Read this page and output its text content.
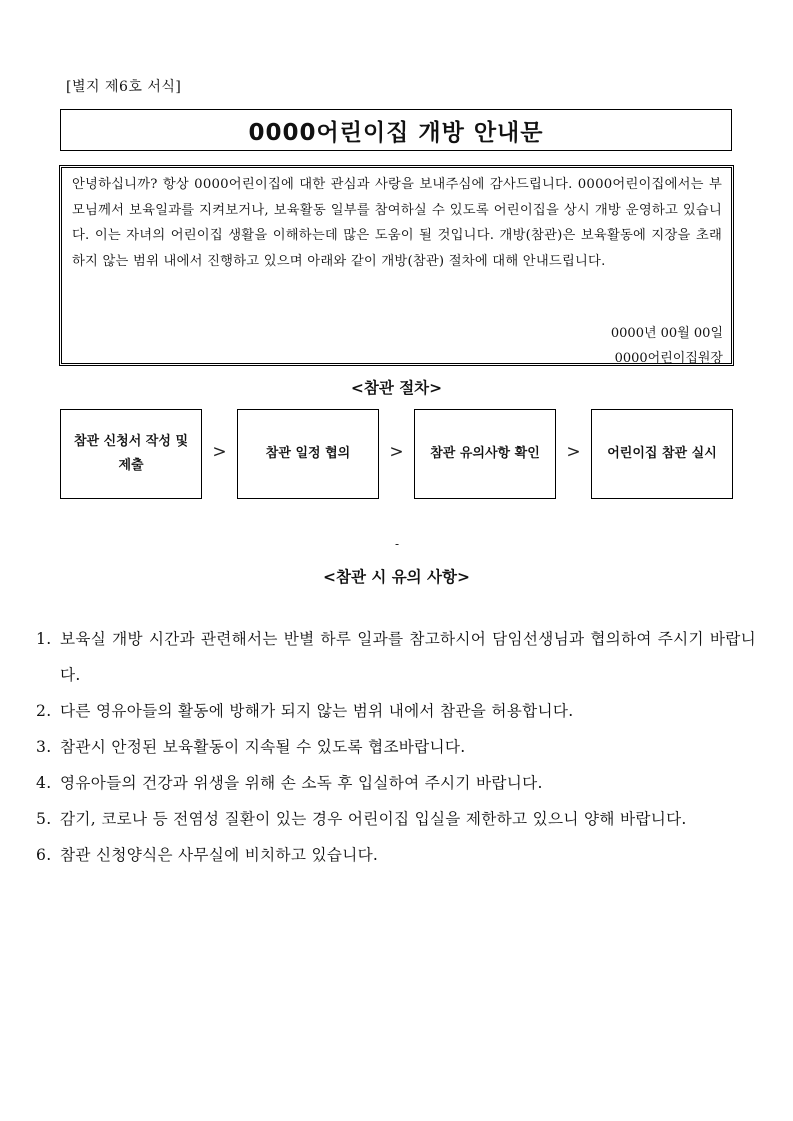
[별지 제6호 서식]
0000어린이집 개방 안내문
안녕하십니까? 항상 0000어린이집에 대한 관심과 사랑을 보내주심에 감사드립니다. 0000어린이집에서는 부모님께서 보육일과를 지켜보거나, 보육활동 일부를 참여하실 수 있도록 어린이집을 상시 개방 운영하고 있습니다. 이는 자녀의 어린이집 생활을 이해하는데 많은 도움이 될 것입니다. 개방(참관)은 보육활동에 지장을 초래하지 않는 범위 내에서 진행하고 있으며 아래와 같이 개방(참관) 절차에 대해 안내드립니다.
0000년 00월 00일
0000어린이집원장
<참관 절차>
참관 신청서 작성 및 제출
>	참관 일정 협의	>	참관 유의사항 확인	>	어린이집 참관 실시
-
<참관 시 유의 사항>
1. 보육실 개방 시간과 관련해서는 반별 하루 일과를 참고하시어 담임선생님과 협의하여 주시기 바랍니다.
2. 다른 영유아들의 활동에 방해가 되지 않는 범위 내에서 참관을 허용합니다.
3. 참관시 안정된 보육활동이 지속될 수 있도록 협조바랍니다.
4. 영유아들의 건강과 위생을 위해 손 소독 후 입실하여 주시기 바랍니다.
5. 감기, 코로나 등 전염성 질환이 있는 경우 어린이집 입실을 제한하고 있으니 양해 바랍니다.
6. 참관 신청양식은 사무실에 비치하고 있습니다.
